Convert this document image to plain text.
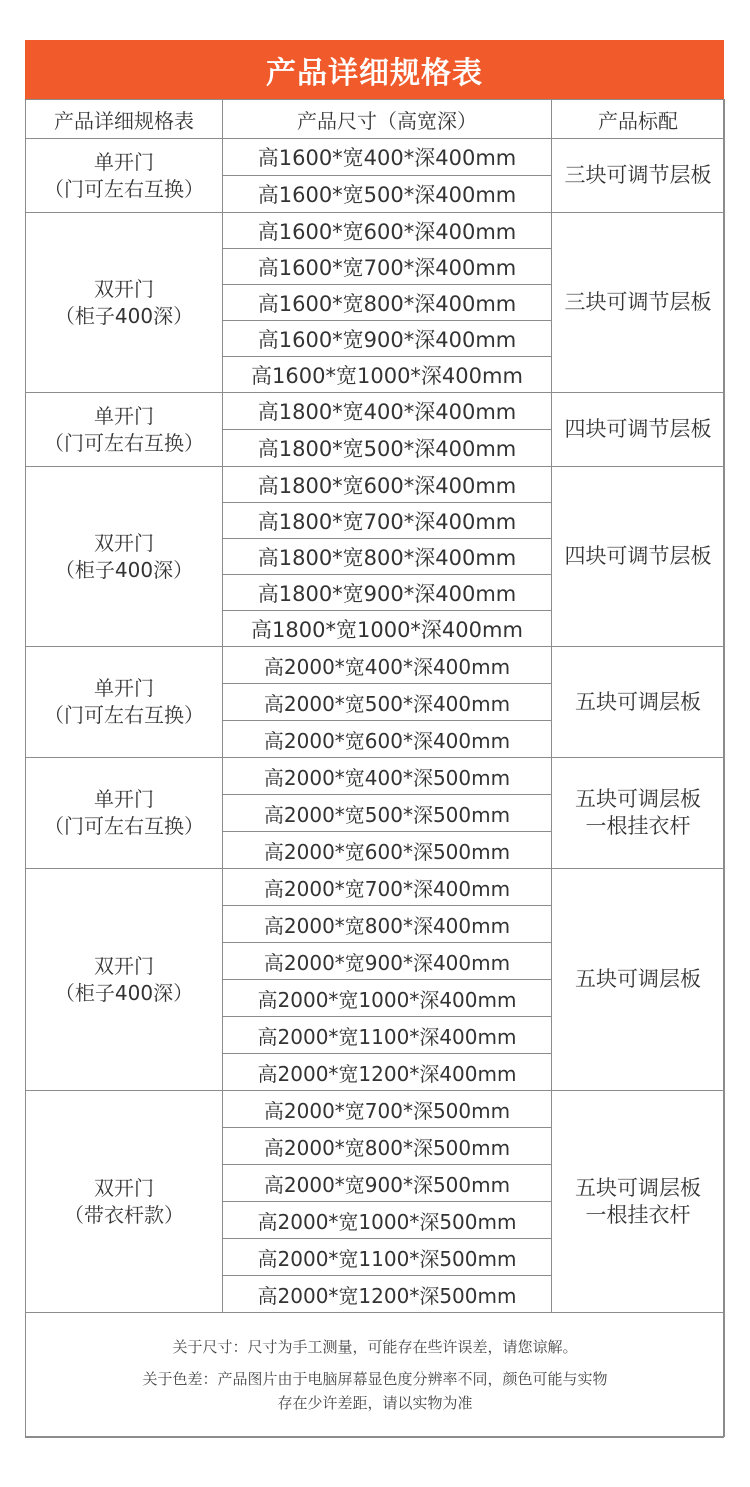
产品详细规格表
产品详细规格表	产品尺寸（高宽深）	产品标配

单开门
（门可左右互换）	高1600*宽400*深400mm	三块可调节层板

	高1600*宽500*深400mm	

双开门
（柜子400深）	高1600*宽600*深400mm	三块可调节层板

	高1600*宽700*深400mm	
	高1600*宽800*深400mm	
	高1600*宽900*深400mm	
	高1600*宽1000*深400mm	

单开门
（门可左右互换）	高1800*宽400*深400mm	四块可调节层板

	高1800*宽500*深400mm	

双开门
（柜子400深）	高1800*宽600*深400mm	四块可调节层板

	高1800*宽700*深400mm	
	高1800*宽800*深400mm	
	高1800*宽900*深400mm	
	高1800*宽1000*深400mm	

单开门
（门可左右互换）	高2000*宽400*深400mm	五块可调层板

	高2000*宽500*深400mm	
	高2000*宽600*深400mm	

单开门
（门可左右互换）	高2000*宽400*深500mm	五块可调层板
一根挂衣杆

	高2000*宽500*深500mm	
	高2000*宽600*深500mm	

双开门
（柜子400深）	高2000*宽700*深400mm	五块可调层板

	高2000*宽800*深400mm	
	高2000*宽900*深400mm	
	高2000*宽1000*深400mm	
	高2000*宽1100*深400mm	
	高2000*宽1200*深400mm	

双开门
（带衣杆款）	高2000*宽700*深500mm	五块可调层板
一根挂衣杆

	高2000*宽800*深500mm	
	高2000*宽900*深500mm	
	高2000*宽1000*深500mm	
	高2000*宽1100*深500mm	
	高2000*宽1200*深500mm	

关于尺寸：尺寸为手工测量，可能存在些许误差，请您谅解。
关于色差：产品图片由于电脑屏幕显色度分辨率不同，颜色可能与实物
存在少许差距，请以实物为准		
